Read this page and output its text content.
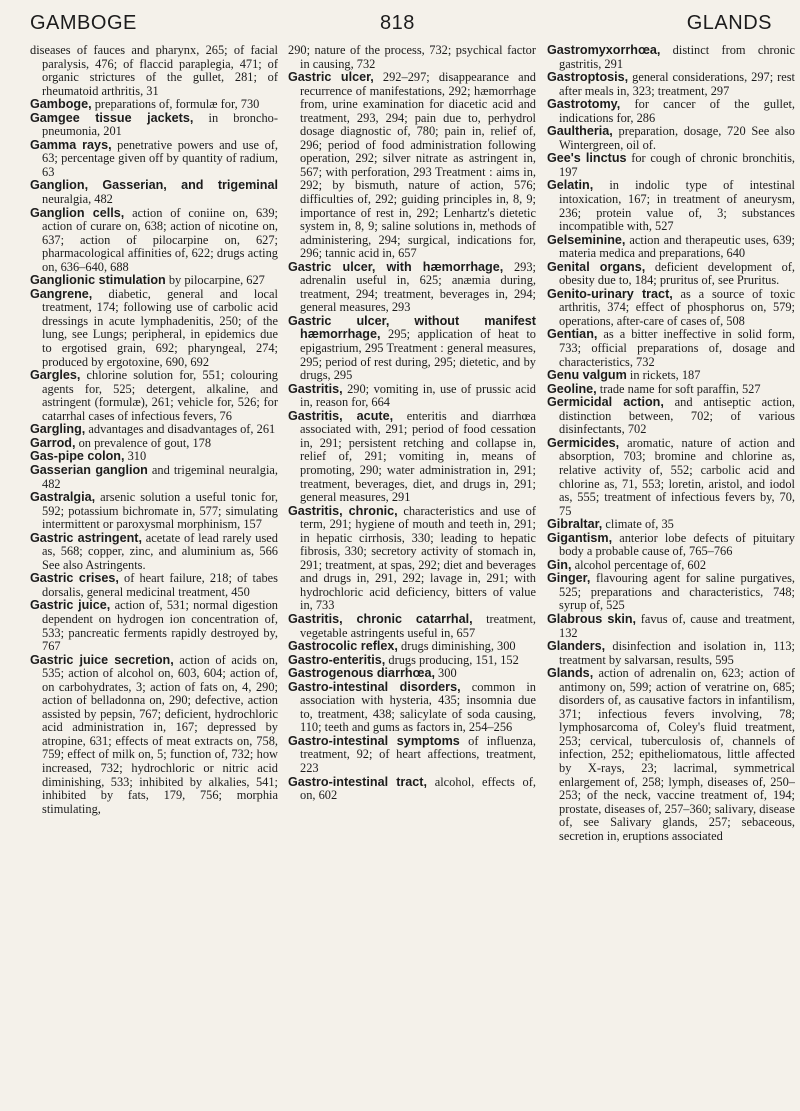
GAMBOGE	818	GLANDS

diseases of fauces and pharynx, 265; of facial paralysis, 476; of flaccid paraplegia, 471; of organic strictures of the gullet, 281; of rheumatoid arthritis, 31

Gamboge, preparations of, formulæ for, 730

Gamgee tissue jackets, in broncho-pneumonia, 201

Gamma rays, penetrative powers and use of, 63; percentage given off by quantity of radium, 63

Ganglion, Gasserian, and trigeminal neuralgia, 482

Ganglion cells, action of coniine on, 639; action of curare on, 638; action of nicotine on, 637; action of pilocarpine on, 627; pharmacological affinities of, 622; drugs acting on, 636–640, 688

Ganglionic stimulation by pilocarpine, 627

Gangrene, diabetic, general and local treatment, 174; following use of carbolic acid dressings in acute lymphadenitis, 250; of the lung, see Lungs; peripheral, in epidemics due to ergotised grain, 692; pharyngeal, 274; produced by ergotoxine, 690, 692

Gargles, chlorine solution for, 551; colouring agents for, 525; detergent, alkaline, and astringent (formulæ), 261; vehicle for, 526; for catarrhal cases of infectious fevers, 76

Gargling, advantages and disadvantages of, 261

Garrod, on prevalence of gout, 178

Gas-pipe colon, 310

Gasserian ganglion and trigeminal neuralgia, 482

Gastralgia, arsenic solution a useful tonic for, 592; potassium bichromate in, 577; simulating intermittent or paroxysmal morphinism, 157

Gastric astringent, acetate of lead rarely used as, 568; copper, zinc, and aluminium as, 566 See also Astringents.

Gastric crises, of heart failure, 218; of tabes dorsalis, general medicinal treatment, 450

Gastric juice, action of, 531; normal digestion dependent on hydrogen ion concentration of, 533; pancreatic ferments rapidly destroyed by, 767

Gastric juice secretion, action of acids on, 535; action of alcohol on, 603, 604; action of, on carbohydrates, 3; action of fats on, 4, 290; action of belladonna on, 290; defective, action assisted by pepsin, 767; deficient, hydrochloric acid administration in, 167; depressed by atropine, 631; effects of meat extracts on, 758, 759; effect of milk on, 5; function of, 732; how increased, 732; hydrochloric or nitric acid diminishing, 533; inhibited by alkalies, 541; inhibited by fats, 179, 756; morphia stimulating,

290; nature of the process, 732; psychical factor in causing, 732

Gastric ulcer, 292–297; disappearance and recurrence of manifestations, 292; hæmorrhage from, urine examination for diacetic acid and treatment, 293, 294; pain due to, perhydrol dosage diagnostic of, 780; pain in, relief of, 296; period of food administration following operation, 292; silver nitrate as astringent in, 567; with perforation, 293 Treatment : aims in, 292; by bismuth, nature of action, 576; difficulties of, 292; guiding principles in, 8, 9; importance of rest in, 292; Lenhartz's dietetic system in, 8, 9; saline solutions in, methods of administering, 294; surgical, indications for, 296; tannic acid in, 657

Gastric ulcer, with hæmorrhage, 293; adrenalin useful in, 625; anæmia during, treatment, 294; treatment, beverages in, 294; general measures, 293

Gastric ulcer, without manifest hæmorrhage, 295; application of heat to epigastrium, 295 Treatment : general measures, 295; period of rest during, 295; dietetic, and by drugs, 295

Gastritis, 290; vomiting in, use of prussic acid in, reason for, 664

Gastritis, acute, enteritis and diarrhœa associated with, 291; period of food cessation in, 291; persistent retching and collapse in, relief of, 291; vomiting in, means of promoting, 290; water administration in, 291; treatment, beverages, diet, and drugs in, 291; general measures, 291

Gastritis, chronic, characteristics and use of term, 291; hygiene of mouth and teeth in, 291; in hepatic cirrhosis, 330; leading to hepatic fibrosis, 330; secretory activity of stomach in, 291; treatment, at spas, 292; diet and beverages and drugs in, 291, 292; lavage in, 291; with hydrochloric acid deficiency, bitters of value in, 733

Gastritis, chronic catarrhal, treatment, vegetable astringents useful in, 657

Gastrocolic reflex, drugs diminishing, 300

Gastro-enteritis, drugs producing, 151, 152

Gastrogenous diarrhœa, 300

Gastro-intestinal disorders, common in association with hysteria, 435; insomnia due to, treatment, 438; salicylate of soda causing, 110; teeth and gums as factors in, 254–256

Gastro-intestinal symptoms of influenza, treatment, 92; of heart affections, treatment, 223

Gastro-intestinal tract, alcohol, effects of, on, 602

Gastromyxorrhœa, distinct from chronic gastritis, 291

Gastroptosis, general considerations, 297; rest after meals in, 323; treatment, 297

Gastrotomy, for cancer of the gullet, indications for, 286

Gaultheria, preparation, dosage, 720 See also Wintergreen, oil of.

Gee's linctus for cough of chronic bronchitis, 197

Gelatin, in indolic type of intestinal intoxication, 167; in treatment of aneurysm, 236; protein value of, 3; substances incompatible with, 527

Gelseminine, action and therapeutic uses, 639; materia medica and preparations, 640

Genital organs, deficient development of, obesity due to, 184; pruritus of, see Pruritus.

Genito-urinary tract, as a source of toxic arthritis, 374; effect of phosphorus on, 579; operations, after-care of cases of, 508

Gentian, as a bitter ineffective in solid form, 733; official preparations of, dosage and characteristics, 732

Genu valgum in rickets, 187

Geoline, trade name for soft paraffin, 527

Germicidal action, and antiseptic action, distinction between, 702; of various disinfectants, 702

Germicides, aromatic, nature of action and absorption, 703; bromine and chlorine as, relative activity of, 552; carbolic acid and chlorine as, 71, 553; loretin, aristol, and iodol as, 555; treatment of infectious fevers by, 70, 75

Gibraltar, climate of, 35

Gigantism, anterior lobe defects of pituitary body a probable cause of, 765–766

Gin, alcohol percentage of, 602

Ginger, flavouring agent for saline purgatives, 525; preparations and characteristics, 748; syrup of, 525

Glabrous skin, favus of, cause and treatment, 132

Glanders, disinfection and isolation in, 113; treatment by salvarsan, results, 595

Glands, action of adrenalin on, 623; action of antimony on, 599; action of veratrine on, 685; disorders of, as causative factors in infantilism, 371; infectious fevers involving, 78; lymphosarcoma of, Coley's fluid treatment, 253; cervical, tuberculosis of, channels of infection, 252; epitheliomatous, little affected by X-rays, 23; lacrimal, symmetrical enlargement of, 258; lymph, diseases of, 250–253; of the neck, vaccine treatment of, 194; prostate, diseases of, 257–360; salivary, disease of, see Salivary glands, 257; sebaceous, secretion in, eruptions associated
